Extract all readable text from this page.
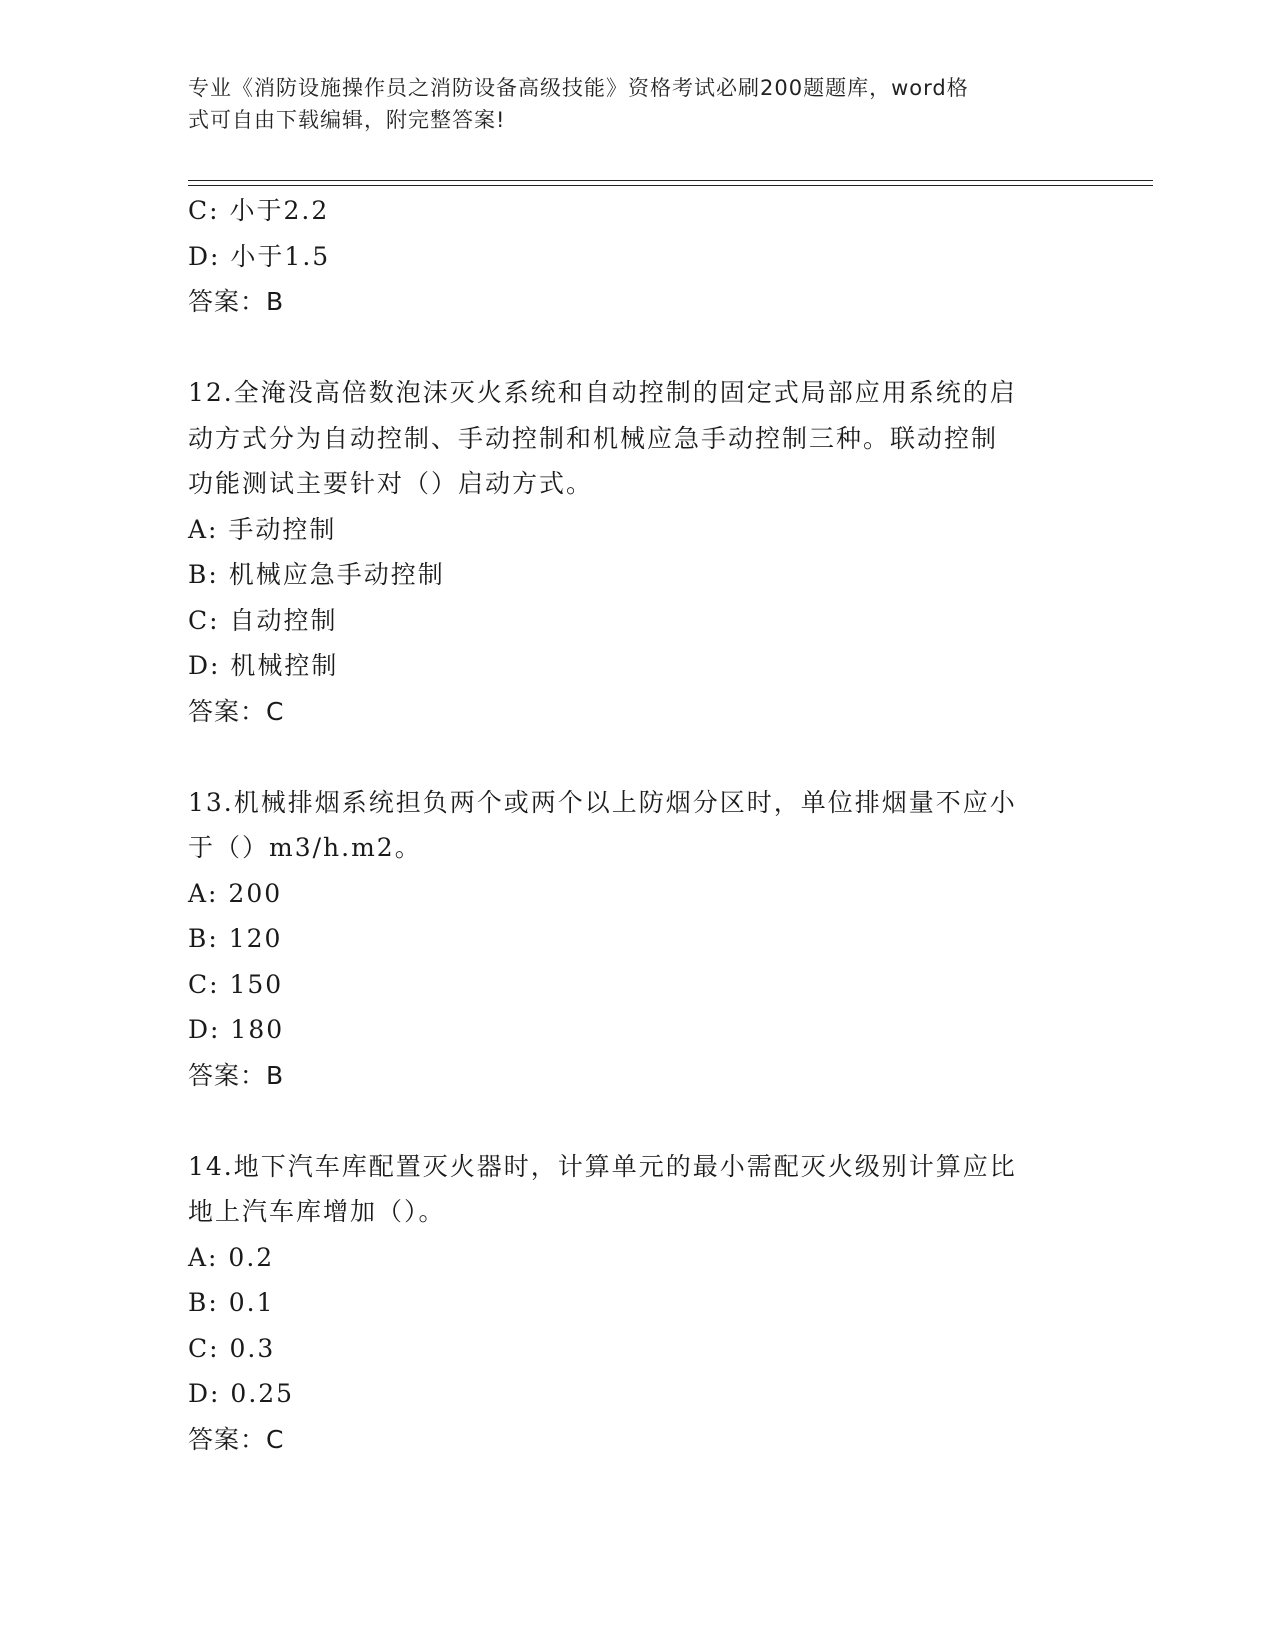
专业《消防设施操作员之消防设备高级技能》资格考试必刷200题题库，word格
式可自由下载编辑，附完整答案!
C: 小于2.2
D: 小于1.5
答案：B
12.全淹没高倍数泡沫灭火系统和自动控制的固定式局部应用系统的启
动方式分为自动控制、手动控制和机械应急手动控制三种。联动控制
功能测试主要针对（）启动方式。
A: 手动控制
B: 机械应急手动控制
C: 自动控制
D: 机械控制
答案：C
13.机械排烟系统担负两个或两个以上防烟分区时，单位排烟量不应小
于（）m3/h.m2。
A: 200
B: 120
C: 150
D: 180
答案：B
14.地下汽车库配置灭火器时，计算单元的最小需配灭火级别计算应比
地上汽车库增加（）。
A: 0.2
B: 0.1
C: 0.3
D: 0.25
答案：C
